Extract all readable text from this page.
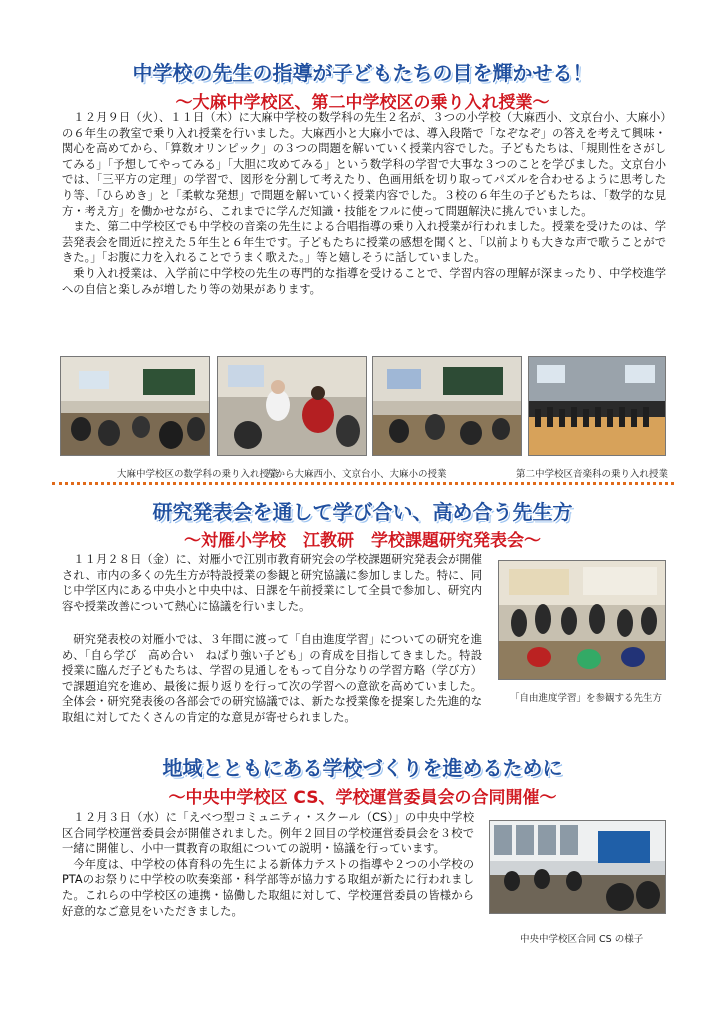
中学校の先生の指導が子どもたちの目を輝かせる！
～大麻中学校区、第二中学校区の乗り入れ授業～

１２月９日（火）、１１日（木）に大麻中学校の数学科の先生２名が、３つの小学校（大麻西小、文京台小、大麻小）の６年生の教室で乗り入れ授業を行いました。大麻西小と大麻小では、導入段階で「なぞなぞ」の答えを考えて興味・関心を高めてから、「算数オリンピック」の３つの問題を解いていく授業内容でした。子どもたちは、「規則性をさがしてみる」「予想してやってみる」「大胆に攻めてみる」という数学科の学習で大事な３つのことを学びました。文京台小では、「三平方の定理」の学習で、図形を分割して考えたり、色画用紙を切り取ってパズルを合わせるように思考したり等、「ひらめき」と「柔軟な発想」で問題を解いていく授業内容でした。３校の６年生の子どもたちは、「数学的な見方・考え方」を働かせながら、これまでに学んだ知識・技能をフルに使って問題解決に挑んでいました。

また、第二中学校区でも中学校の音楽の先生による合唱指導の乗り入れ授業が行われました。授業を受けたのは、学芸発表会を間近に控えた５年生と６年生です。子どもたちに授業の感想を聞くと、「以前よりも大きな声で歌うことができた。」「お腹に力を入れることでうまく歌えた。」等と嬉しそうに話していました。

乗り入れ授業は、入学前に中学校の先生の専門的な指導を受けることで、学習内容の理解が深まったり、中学校進学への自信と楽しみが増したり等の効果があります。

大麻中学校区の数学科の乗り入れ授業
左から大麻西小、文京台小、大麻小の授業	第二中学校区音楽科の乗り入れ授業
研究発表会を通して学び合い、高め合う先生方
～対雁小学校　江教研　学校課題研究発表会～

１１月２８日（金）に、対雁小で江別市教育研究会の学校課題研究発表会が開催され、市内の多くの先生方が特設授業の参観と研究協議に参加しました。特に、同じ中学区内にある中央小と中央中は、日課を午前授業にして全員で参加し、研究内容や授業改善について熱心に協議を行いました。

研究発表校の対雁小では、３年間に渡って「自由進度学習」についての研究を進め、「自ら学び　高め合い　ねばり強い子ども」の育成を目指してきました。特設授業に臨んだ子どもたちは、学習の見通しをもって自分なりの学習方略（学び方）で課題追究を進め、最後に振り返りを行って次の学習への意欲を高めていました。全体会・研究発表後の各部会での研究協議では、新たな授業像を提案した先進的な取組に対してたくさんの肯定的な意見が寄せられました。

「自由進度学習」を参観する先生方
地域とともにある学校づくりを進めるために
～中央中学校区 CS、学校運営委員会の合同開催～

１２月３日（水）に「えべつ型コミュニティ・スクール（CS）」の中央中学校区合同学校運営委員会が開催されました。例年２回目の学校運営委員会を３校で一緒に開催し、小中一貫教育の取組についての説明・協議を行っています。

今年度は、中学校の体育科の先生による新体力テストの指導や２つの小学校のPTAのお祭りに中学校の吹奏楽部・科学部等が協力する取組が新たに行われました。これらの中学校区の連携・協働した取組に対して、学校運営委員の皆様から好意的なご意見をいただきました。

中央中学校区合同 CS の様子
